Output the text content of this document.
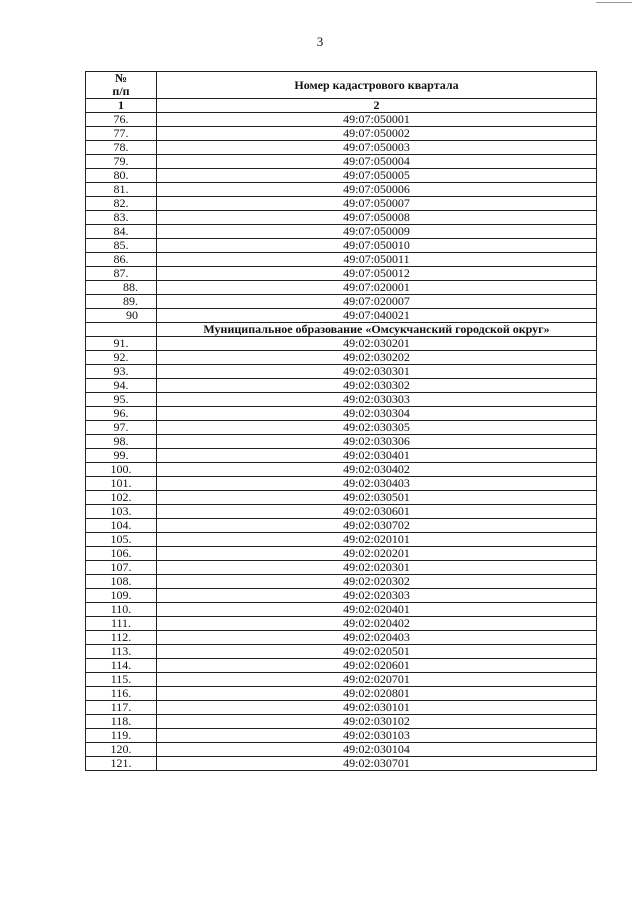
3
№
п/п	Номер кадастрового квартала
1	2
76.	49:07:050001
77.	49:07:050002
78.	49:07:050003
79.	49:07:050004
80.	49:07:050005
81.	49:07:050006
82.	49:07:050007
83.	49:07:050008
84.	49:07:050009
85.	49:07:050010
86.	49:07:050011
87.	49:07:050012
88.	49:07:020001
89.	49:07:020007
90	49:07:040021
	Муниципальное образование «Омсукчанский городской округ»
91.	49:02:030201
92.	49:02:030202
93.	49:02:030301
94.	49:02:030302
95.	49:02:030303
96.	49:02:030304
97.	49:02:030305
98.	49:02:030306
99.	49:02:030401
100.	49:02:030402
101.	49:02:030403
102.	49:02:030501
103.	49:02:030601
104.	49:02:030702
105.	49:02:020101
106.	49:02:020201
107.	49:02:020301
108.	49:02:020302
109.	49:02:020303
110.	49:02:020401
111.	49:02:020402
112.	49:02:020403
113.	49:02:020501
114.	49:02:020601
115.	49:02:020701
116.	49:02:020801
117.	49:02:030101
118.	49:02:030102
119.	49:02:030103
120.	49:02:030104
121.	49:02:030701
